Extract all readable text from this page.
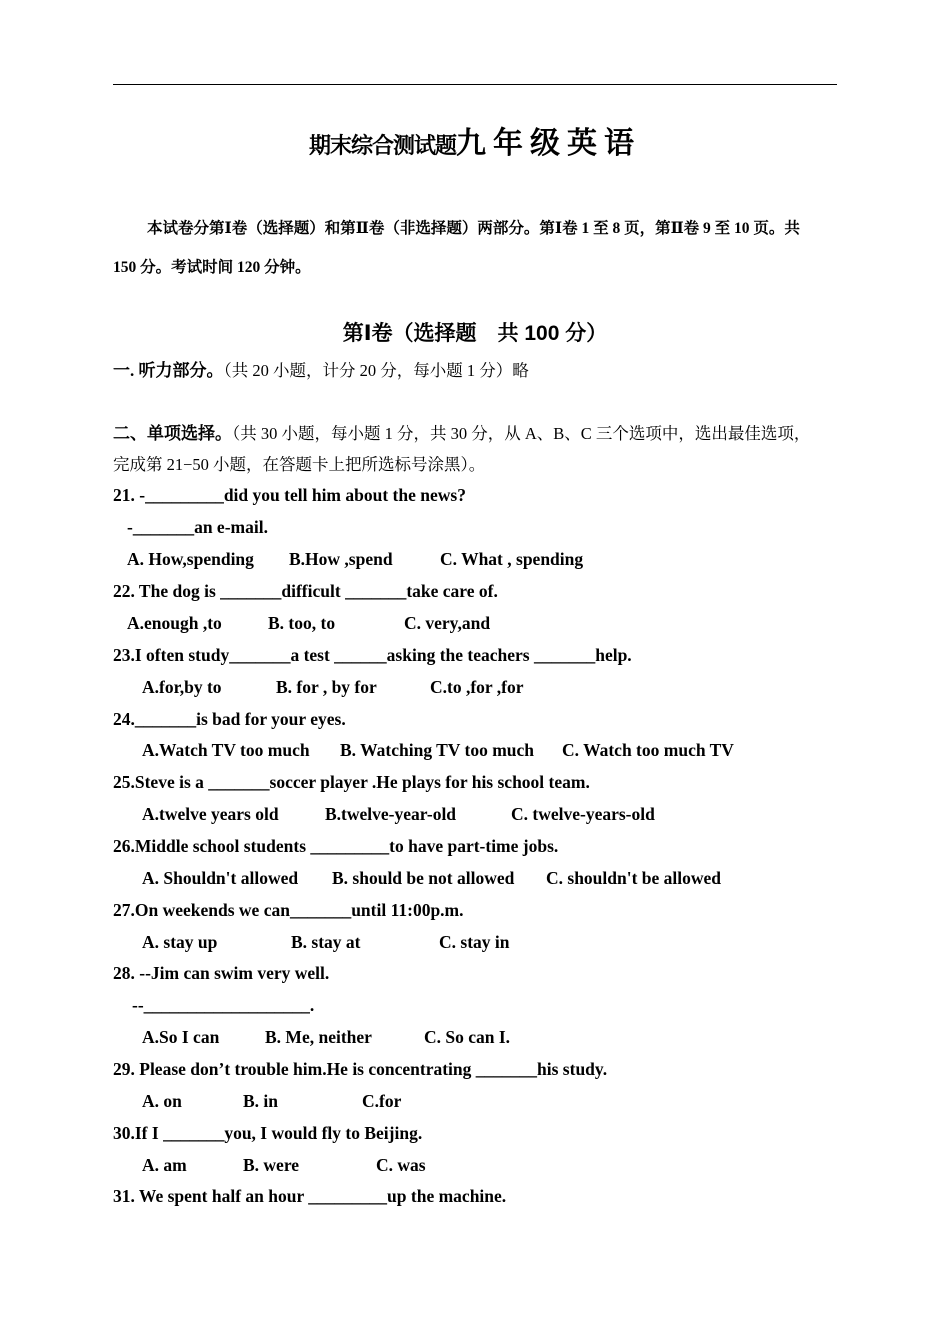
期末综合测试题九年级英语
本试卷分第Ⅰ卷（选择题）和第Ⅱ卷（非选择题）两部分。第Ⅰ卷 1 至 8 页，第Ⅱ卷 9 至 10 页。共
150 分。考试时间 120 分钟。
第Ⅰ卷（选择题　共 100 分）
一. 听力部分。（共 20 小题，计分 20 分，每小题 1 分）略
二、单项选择。（共 30 小题，每小题 1 分，共 30 分，从 A、B、C 三个选项中，选出最佳选项，
完成第 21−50 小题，在答题卡上把所选标号涂黑）。
21. -_________did you tell him about the news?
-_______an e-mail.
A. How,spending B.How ,spend	C. What , spending
22. The dog is _______difficult _______take care of.
A.enough ,to	B. too, to	C. very,and
23.I often study_______a test ______asking the teachers _______help.
A.for,by to	B. for , by for	C.to ,for ,for
24._______is bad for your eyes.
A.Watch TV too much B. Watching TV too much C. Watch too much TV
25.Steve is a _______soccer player .He plays for his school team.
A.twelve years old	B.twelve-year-old	C. twelve-years-old
26.Middle school students _________to have part-time jobs.
A. Shouldn't allowed B. should be not allowed C. shouldn't be allowed
27.On weekends we can_______until 11:00p.m.
A. stay up	B. stay at	C. stay in
28. --Jim can swim very well.
--___________________.
A.So I can	B. Me, neither	C. So can I.
29. Please don’t trouble him.He is concentrating _______his study.
A. on	B. in	C.for
30.If I _______you, I would fly to Beijing.
A. am	B. were	C. was
31. We spent half an hour _________up the machine.
